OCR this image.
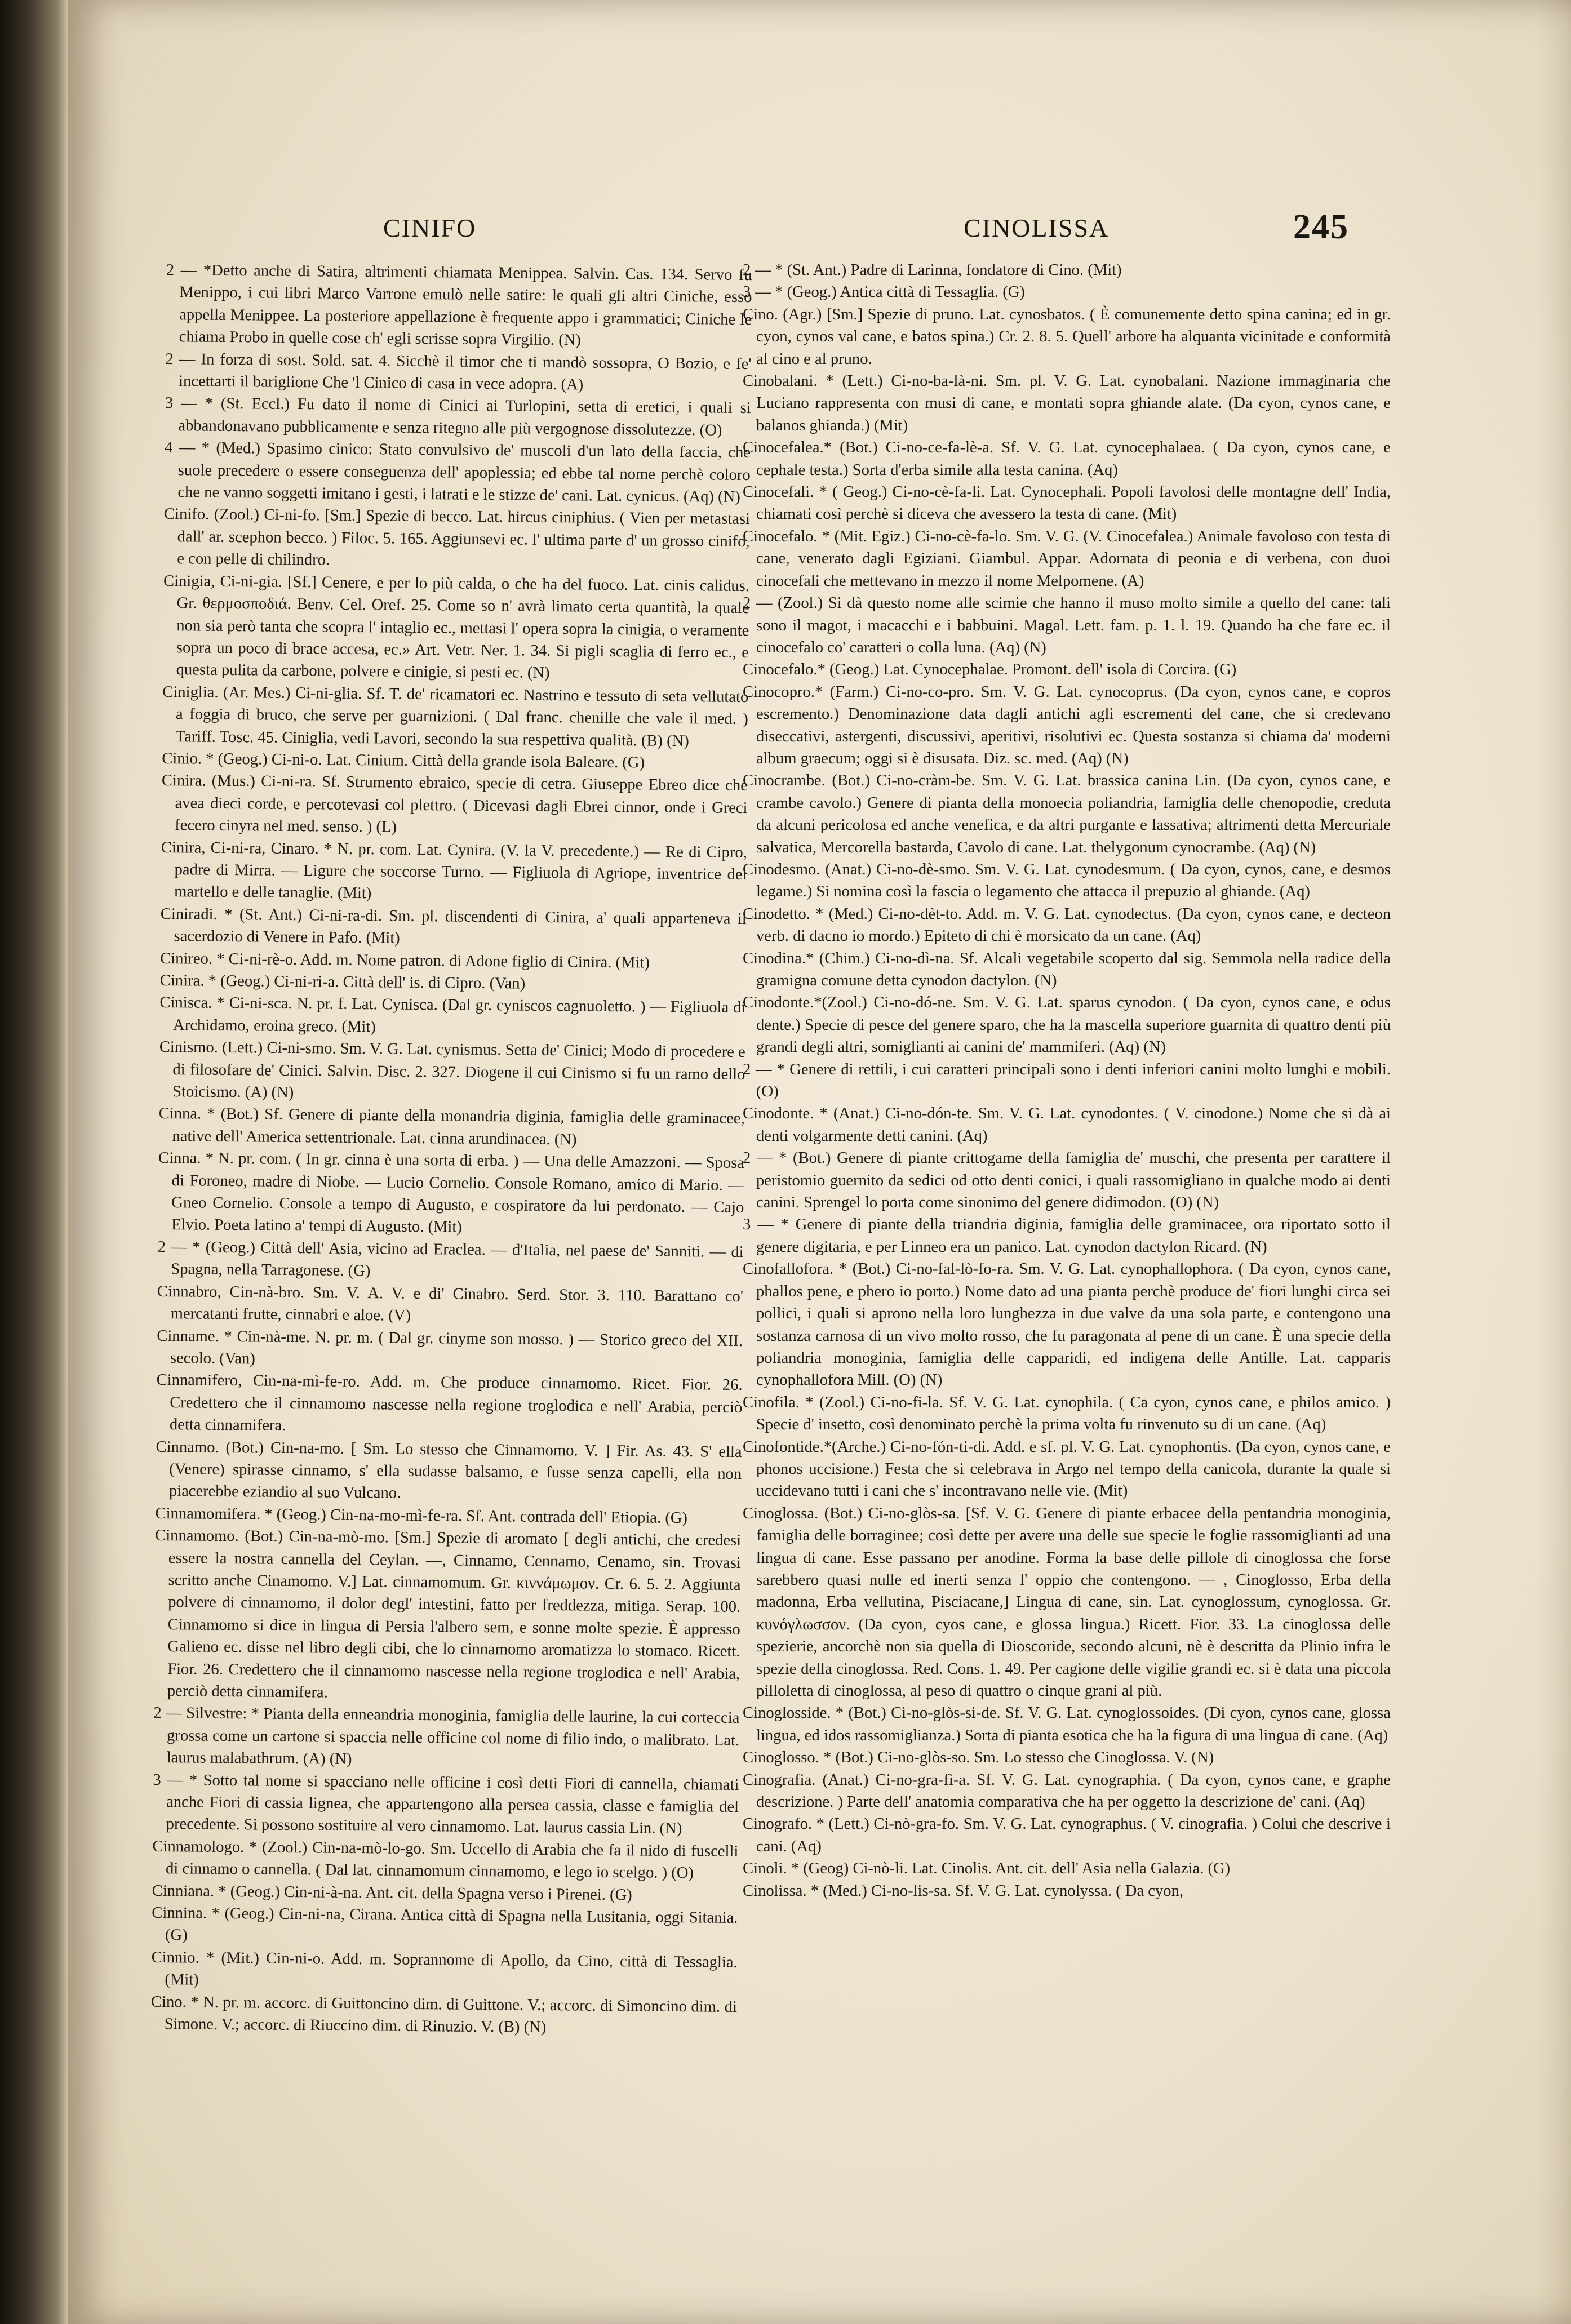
CINIFO	CINOLISSA	245

2 — *Detto anche di Satira, altrimenti chiamata Menippea. Salvin. Cas. 134. Servo fu Menippo, i cui libri Marco Varrone emulò nelle satire: le quali gli altri Ciniche, esso appella Menippee. La posteriore appellazione è frequente appo i grammatici; Ciniche le chiama Probo in quelle cose ch' egli scrisse sopra Virgilio. (N)

2 — In forza di sost. Sold. sat. 4. Sicchè il timor che ti mandò sossopra, O Bozio, e fe' incettarti il bariglione Che 'l Cinico di casa in vece adopra. (A)

3 — * (St. Eccl.) Fu dato il nome di Cinici ai Turlopini, setta di eretici, i quali si abbandonavano pubblicamente e senza ritegno alle più vergognose dissolutezze. (O)

4 — * (Med.) Spasimo cinico: Stato convulsivo de' muscoli d'un lato della faccia, che suole precedere o essere conseguenza dell' apoplessia; ed ebbe tal nome perchè coloro che ne vanno soggetti imitano i gesti, i latrati e le stizze de' cani. Lat. cynicus. (Aq) (N)

Cinifo. (Zool.) Ci-ni-fo. [Sm.] Spezie di becco. Lat. hircus ciniphius. ( Vien per metastasi dall' ar. scephon becco. ) Filoc. 5. 165. Aggiunsevi ec. l' ultima parte d' un grosso cinifo, e con pelle di chilindro.

Cinigia, Ci-ni-gia. [Sf.] Cenere, e per lo più calda, o che ha del fuoco. Lat. cinis calidus. Gr. θερμοσποδιά. Benv. Cel. Oref. 25. Come so n' avrà limato certa quantità, la quale non sia però tanta che scopra l' intaglio ec., mettasi l' opera sopra la cinigia, o veramente sopra un poco di brace accesa, ec.» Art. Vetr. Ner. 1. 34. Si pigli scaglia di ferro ec., e questa pulita da carbone, polvere e cinigie, si pesti ec. (N)

Ciniglia. (Ar. Mes.) Ci-ni-glia. Sf. T. de' ricamatori ec. Nastrino e tessuto di seta vellutato a foggia di bruco, che serve per guarnizioni. ( Dal franc. chenille che vale il med. ) Tariff. Tosc. 45. Ciniglia, vedi Lavori, secondo la sua respettiva qualità. (B) (N)

Cinio. * (Geog.) Ci-ni-o. Lat. Cinium. Città della grande isola Baleare. (G)

Cinira. (Mus.) Ci-ni-ra. Sf. Strumento ebraico, specie di cetra. Giuseppe Ebreo dice che avea dieci corde, e percotevasi col plettro. ( Dicevasi dagli Ebrei cinnor, onde i Greci fecero cinyra nel med. senso. ) (L)

Cinira, Ci-ni-ra, Cinaro. * N. pr. com. Lat. Cynira. (V. la V. precedente.) — Re di Cipro, padre di Mirra. — Ligure che soccorse Turno. — Figliuola di Agriope, inventrice del martello e delle tanaglie. (Mit)

Ciniradi. * (St. Ant.) Ci-ni-ra-di. Sm. pl. discendenti di Cinira, a' quali apparteneva il sacerdozio di Venere in Pafo. (Mit)

Cinireo. * Ci-ni-rè-o. Add. m. Nome patron. di Adone figlio di Cinira. (Mit)

Cinira. * (Geog.) Ci-ni-ri-a. Città dell' is. di Cipro. (Van)

Cinisca. * Ci-ni-sca. N. pr. f. Lat. Cynisca. (Dal gr. cyniscos cagnuoletto. ) — Figliuola di Archidamo, eroina greco. (Mit)

Cinismo. (Lett.) Ci-ni-smo. Sm. V. G. Lat. cynismus. Setta de' Cinici; Modo di procedere e di filosofare de' Cinici. Salvin. Disc. 2. 327. Diogene il cui Cinismo si fu un ramo dello Stoicismo. (A) (N)

Cinna. * (Bot.) Sf. Genere di piante della monandria diginia, famiglia delle graminacee, native dell' America settentrionale. Lat. cinna arundinacea. (N)

Cinna. * N. pr. com. ( In gr. cinna è una sorta di erba. ) — Una delle Amazzoni. — Sposa di Foroneo, madre di Niobe. — Lucio Cornelio. Console Romano, amico di Mario. — Gneo Cornelio. Console a tempo di Augusto, e cospiratore da lui perdonato. — Cajo Elvio. Poeta latino a' tempi di Augusto. (Mit)

2 — * (Geog.) Città dell' Asia, vicino ad Eraclea. — d'Italia, nel paese de' Sanniti. — di Spagna, nella Tarragonese. (G)

Cinnabro, Cin-nà-bro. Sm. V. A. V. e di' Cinabro. Serd. Stor. 3. 110. Barattano co' mercatanti frutte, cinnabri e aloe. (V)

Cinname. * Cin-nà-me. N. pr. m. ( Dal gr. cinyme son mosso. ) — Storico greco del XII. secolo. (Van)

Cinnamifero, Cin-na-mì-fe-ro. Add. m. Che produce cinnamomo. Ricet. Fior. 26. Credettero che il cinnamomo nascesse nella regione troglodica e nell' Arabia, perciò detta cinnamifera.

Cinnamo. (Bot.) Cin-na-mo. [ Sm. Lo stesso che Cinnamomo. V. ] Fir. As. 43. S' ella (Venere) spirasse cinnamo, s' ella sudasse balsamo, e fusse senza capelli, ella non piacerebbe eziandio al suo Vulcano.

Cinnamomifera. * (Geog.) Cin-na-mo-mì-fe-ra. Sf. Ant. contrada dell' Etiopia. (G)

Cinnamomo. (Bot.) Cin-na-mò-mo. [Sm.] Spezie di aromato [ degli antichi, che credesi essere la nostra cannella del Ceylan. —, Cinnamo, Cennamo, Cenamo, sin. Trovasi scritto anche Cinamomo. V.] Lat. cinnamomum. Gr. κιννάμωμον. Cr. 6. 5. 2. Aggiunta polvere di cinnamomo, il dolor degl' intestini, fatto per freddezza, mitiga. Serap. 100. Cinnamomo si dice in lingua di Persia l'albero sem, e sonne molte spezie. È appresso Galieno ec. disse nel libro degli cibi, che lo cinnamomo aromatizza lo stomaco. Ricett. Fior. 26. Credettero che il cinnamomo nascesse nella regione troglodica e nell' Arabia, perciò detta cinnamifera.

2 — Silvestre: * Pianta della enneandria monoginia, famiglia delle laurine, la cui corteccia grossa come un cartone si spaccia nelle officine col nome di filio indo, o malibrato. Lat. laurus malabathrum. (A) (N)

3 — * Sotto tal nome si spacciano nelle officine i così detti Fiori di cannella, chiamati anche Fiori di cassia lignea, che appartengono alla persea cassia, classe e famiglia del precedente. Si possono sostituire al vero cinnamomo. Lat. laurus cassia Lin. (N)

Cinnamologo. * (Zool.) Cin-na-mò-lo-go. Sm. Uccello di Arabia che fa il nido di fuscelli di cinnamo o cannella. ( Dal lat. cinnamomum cinnamomo, e lego io scelgo. ) (O)

Cinniana. * (Geog.) Cin-ni-à-na. Ant. cit. della Spagna verso i Pirenei. (G)

Cinnina. * (Geog.) Cin-ni-na, Cirana. Antica città di Spagna nella Lusitania, oggi Sitania. (G)

Cinnio. * (Mit.) Cin-ni-o. Add. m. Soprannome di Apollo, da Cino, città di Tessaglia. (Mit)

Cino. * N. pr. m. accorc. di Guittoncino dim. di Guittone. V.; accorc. di Simoncino dim. di Simone. V.; accorc. di Riuccino dim. di Rinuzio. V. (B) (N)

2 — * (St. Ant.) Padre di Larinna, fondatore di Cino. (Mit)

3 — * (Geog.) Antica città di Tessaglia. (G)

Cino. (Agr.) [Sm.] Spezie di pruno. Lat. cynosbatos. ( È comunemente detto spina canina; ed in gr. cyon, cynos val cane, e batos spina.) Cr. 2. 8. 5. Quell' arbore ha alquanta vicinitade e conformità al cino e al pruno.

Cinobalani. * (Lett.) Ci-no-ba-là-ni. Sm. pl. V. G. Lat. cynobalani. Nazione immaginaria che Luciano rappresenta con musi di cane, e montati sopra ghiande alate. (Da cyon, cynos cane, e balanos ghianda.) (Mit)

Cinocefalea.* (Bot.) Ci-no-ce-fa-lè-a. Sf. V. G. Lat. cynocephalaea. ( Da cyon, cynos cane, e cephale testa.) Sorta d'erba simile alla testa canina. (Aq)

Cinocefali. * ( Geog.) Ci-no-cè-fa-li. Lat. Cynocephali. Popoli favolosi delle montagne dell' India, chiamati così perchè si diceva che avessero la testa di cane. (Mit)

Cinocefalo. * (Mit. Egiz.) Ci-no-cè-fa-lo. Sm. V. G. (V. Cinocefalea.) Animale favoloso con testa di cane, venerato dagli Egiziani. Giambul. Appar. Adornata di peonia e di verbena, con duoi cinocefali che mettevano in mezzo il nome Melpomene. (A)

2 — (Zool.) Si dà questo nome alle scimie che hanno il muso molto simile a quello del cane: tali sono il magot, i macacchi e i babbuini. Magal. Lett. fam. p. 1. l. 19. Quando ha che fare ec. il cinocefalo co' caratteri o colla luna. (Aq) (N)

Cinocefalo.* (Geog.) Lat. Cynocephalae. Promont. dell' isola di Corcira. (G)

Cinocopro.* (Farm.) Ci-no-co-pro. Sm. V. G. Lat. cynocoprus. (Da cyon, cynos cane, e copros escremento.) Denominazione data dagli antichi agli escrementi del cane, che si credevano diseccativi, astergenti, discussivi, aperitivi, risolutivi ec. Questa sostanza si chiama da' moderni album graecum; oggi si è disusata. Diz. sc. med. (Aq) (N)

Cinocrambe. (Bot.) Ci-no-cràm-be. Sm. V. G. Lat. brassica canina Lin. (Da cyon, cynos cane, e crambe cavolo.) Genere di pianta della monoecia poliandria, famiglia delle chenopodie, creduta da alcuni pericolosa ed anche venefica, e da altri purgante e lassativa; altrimenti detta Mercuriale salvatica, Mercorella bastarda, Cavolo di cane. Lat. thelygonum cynocrambe. (Aq) (N)

Cinodesmo. (Anat.) Ci-no-dè-smo. Sm. V. G. Lat. cynodesmum. ( Da cyon, cynos, cane, e desmos legame.) Si nomina così la fascia o legamento che attacca il prepuzio al ghiande. (Aq)

Cinodetto. * (Med.) Ci-no-dèt-to. Add. m. V. G. Lat. cynodectus. (Da cyon, cynos cane, e decteon verb. di dacno io mordo.) Epiteto di chi è morsicato da un cane. (Aq)

Cinodina.* (Chim.) Ci-no-dì-na. Sf. Alcali vegetabile scoperto dal sig. Semmola nella radice della gramigna comune detta cynodon dactylon. (N)

Cinodonte.*(Zool.) Ci-no-dó-ne. Sm. V. G. Lat. sparus cynodon. ( Da cyon, cynos cane, e odus dente.) Specie di pesce del genere sparo, che ha la mascella superiore guarnita di quattro denti più grandi degli altri, somiglianti ai canini de' mammiferi. (Aq) (N)

2 — * Genere di rettili, i cui caratteri principali sono i denti inferiori canini molto lunghi e mobili. (O)

Cinodonte. * (Anat.) Ci-no-dón-te. Sm. V. G. Lat. cynodontes. ( V. cinodone.) Nome che si dà ai denti volgarmente detti canini. (Aq)

2 — * (Bot.) Genere di piante crittogame della famiglia de' muschi, che presenta per carattere il peristomio guernito da sedici od otto denti conici, i quali rassomigliano in qualche modo ai denti canini. Sprengel lo porta come sinonimo del genere didimodon. (O) (N)

3 — * Genere di piante della triandria diginia, famiglia delle graminacee, ora riportato sotto il genere digitaria, e per Linneo era un panico. Lat. cynodon dactylon Ricard. (N)

Cinofallofora. * (Bot.) Ci-no-fal-lò-fo-ra. Sm. V. G. Lat. cynophallophora. ( Da cyon, cynos cane, phallos pene, e phero io porto.) Nome dato ad una pianta perchè produce de' fiori lunghi circa sei pollici, i quali si aprono nella loro lunghezza in due valve da una sola parte, e contengono una sostanza carnosa di un vivo molto rosso, che fu paragonata al pene di un cane. È una specie della poliandria monoginia, famiglia delle capparidi, ed indigena delle Antille. Lat. capparis cynophallofora Mill. (O) (N)

Cinofila. * (Zool.) Ci-no-fi-la. Sf. V. G. Lat. cynophila. ( Ca cyon, cynos cane, e philos amico. ) Specie d' insetto, così denominato perchè la prima volta fu rinvenuto su di un cane. (Aq)

Cinofontide.*(Arche.) Ci-no-fón-ti-di. Add. e sf. pl. V. G. Lat. cynophontis. (Da cyon, cynos cane, e phonos uccisione.) Festa che si celebrava in Argo nel tempo della canicola, durante la quale si uccidevano tutti i cani che s' incontravano nelle vie. (Mit)

Cinoglossa. (Bot.) Ci-no-glòs-sa. [Sf. V. G. Genere di piante erbacee della pentandria monoginia, famiglia delle borraginee; così dette per avere una delle sue specie le foglie rassomiglianti ad una lingua di cane. Esse passano per anodine. Forma la base delle pillole di cinoglossa che forse sarebbero quasi nulle ed inerti senza l' oppio che contengono. — , Cinoglosso, Erba della madonna, Erba vellutina, Pisciacane,] Lingua di cane, sin. Lat. cynoglossum, cynoglossa. Gr. κυνόγλωσσον. (Da cyon, cyos cane, e glossa lingua.) Ricett. Fior. 33. La cinoglossa delle spezierie, ancorchè non sia quella di Dioscoride, secondo alcuni, nè è descritta da Plinio infra le spezie della cinoglossa. Red. Cons. 1. 49. Per cagione delle vigilie grandi ec. si è data una piccola pilloletta di cinoglossa, al peso di quattro o cinque grani al più.

Cinoglosside. * (Bot.) Ci-no-glòs-si-de. Sf. V. G. Lat. cynoglossoides. (Di cyon, cynos cane, glossa lingua, ed idos rassomiglianza.) Sorta di pianta esotica che ha la figura di una lingua di cane. (Aq)

Cinoglosso. * (Bot.) Ci-no-glòs-so. Sm. Lo stesso che Cinoglossa. V. (N)

Cinografia. (Anat.) Ci-no-gra-fì-a. Sf. V. G. Lat. cynographia. ( Da cyon, cynos cane, e graphe descrizione. ) Parte dell' anatomia comparativa che ha per oggetto la descrizione de' cani. (Aq)

Cinografo. * (Lett.) Ci-nò-gra-fo. Sm. V. G. Lat. cynographus. ( V. cinografia. ) Colui che descrive i cani. (Aq)

Cinoli. * (Geog) Ci-nò-li. Lat. Cinolis. Ant. cit. dell' Asia nella Galazia. (G)

Cinolissa. * (Med.) Ci-no-lis-sa. Sf. V. G. Lat. cynolyssa. ( Da cyon,
